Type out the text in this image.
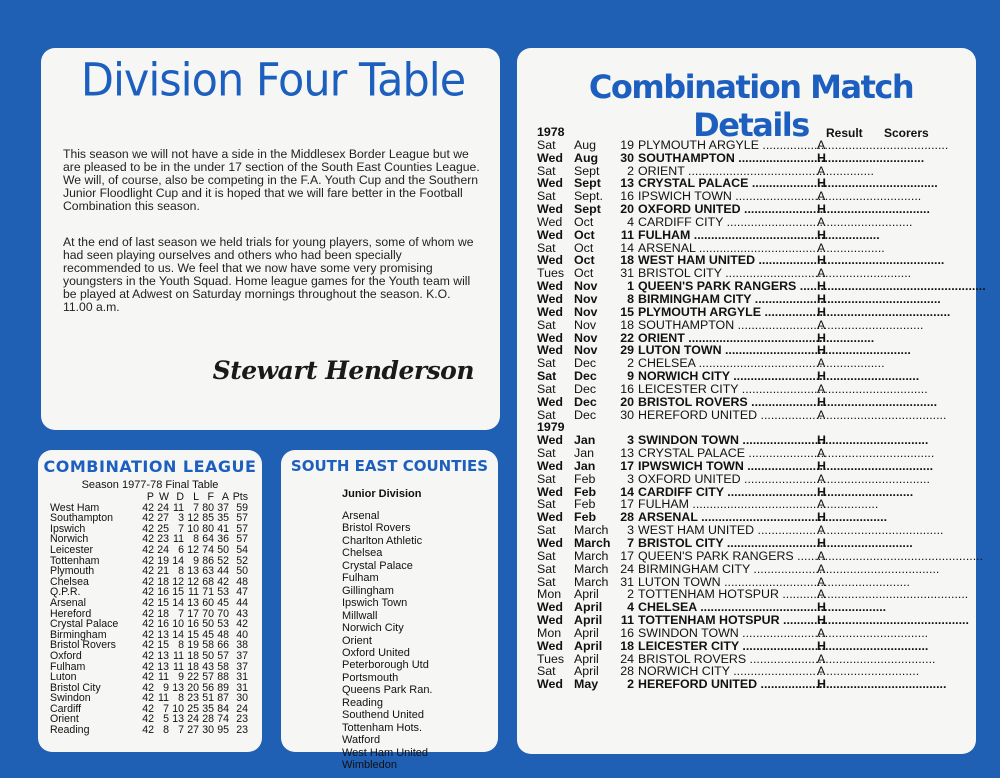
Division Four Table

This season we will not have a side in the Middlesex Border League but we are pleased to be in the under 17 section of the South East Counties League. We will, of course, also be competing in the F.A. Youth Cup and the Southern Junior Floodlight Cup and it is hoped that we will fare better in the Football Combination this season.

At the end of last season we held trials for young players, some of whom we had seen playing ourselves and others who had been specially recommended to us. We feel that we now have some very promising youngsters in the Youth Squad. Home league games for the Youth team will be played at Adwest on Saturday mornings throughout the season. K.O. 11.00 a.m.

Stewart Henderson
COMBINATION LEAGUE
Season 1977-78 Final Table
	P	W	D	L	F	A	Pts
West Ham	42	24	11	7	80	37	59
Southampton	42	27	3	12	85	35	57
Ipswich	42	25	7	10	80	41	57
Norwich	42	23	11	8	64	36	57
Leicester	42	24	6	12	74	50	54
Tottenham	42	19	14	9	86	52	52
Plymouth	42	21	8	13	63	44	50
Chelsea	42	18	12	12	68	42	48
Q.P.R.	42	16	15	11	71	53	47
Arsenal	42	15	14	13	60	45	44
Hereford	42	18	7	17	70	70	43
Crystal Palace	42	16	10	16	50	53	42
Birmingham	42	13	14	15	45	48	40
Bristol Rovers	42	15	8	19	58	66	38
Oxford	42	13	11	18	50	57	37
Fulham	42	13	11	18	43	58	37
Luton	42	11	9	22	57	88	31
Bristol City	42	9	13	20	56	89	31
Swindon	42	11	8	23	51	87	30
Cardiff	42	7	10	25	35	84	24
Orient	42	5	13	24	28	74	23
Reading	42	8	7	27	30	95	23
SOUTH EAST COUNTIES
Junior Division
Arsenal
Bristol Rovers
Charlton Athletic
Chelsea
Crystal Palace
Fulham
Gillingham
Ipswich Town
Millwall
Norwich City
Orient
Oxford United
Peterborough Utd
Portsmouth
Queens Park Ran.
Reading
Southend United
Tottenham Hots.
Watford
West Ham United
Wimbledon
Combination Match Details	Result Scorers
1978
Sat	Aug	19 PLYMOUTH ARGYLE .....	A
Wed Aug	30 SOUTHAMPTON .....	H
Sat	Sept	2 ORIENT .....	A
Wed Sept	13 CRYSTAL PALACE .....	H
Sat	Sept.	16 IPSWICH TOWN .....	A
Wed Sept	20 OXFORD UNITED .....	H
Wed Oct	4 CARDIFF CITY .....	A
Wed Oct	11 FULHAM .....	H
Sat	Oct	14 ARSENAL .....	A
Wed Oct	18 WEST HAM UNITED .....	H
Tues Oct	31 BRISTOL CITY .....	A
Wed Nov	1 QUEEN'S PARK RANGERS .....	H
Wed Nov	8 BIRMINGHAM CITY .....	H
Wed Nov	15 PLYMOUTH ARGYLE .....	H
Sat	Nov	18 SOUTHAMPTON .....	A
Wed Nov	22 ORIENT .....	H
Wed Nov	29 LUTON TOWN .....	H
Sat	Dec	2 CHELSEA .....	A
Sat	Dec	9 NORWICH CITY .....	H
Sat	Dec	16 LEICESTER CITY .....	A
Wed Dec	20 BRISTOL ROVERS .....	H
Sat	Dec	30 HEREFORD UNITED .....	A
1979
Wed Jan	3 SWINDON TOWN .....	H
Sat	Jan	13 CRYSTAL PALACE .....	A
Wed Jan	17 IPWSWICH TOWN .....	H
Sat	Feb	3 OXFORD UNITED .....	A
Wed Feb	14 CARDIFF CITY .....	H
Sat	Feb	17 FULHAM .....	A
Wed Feb	28 ARSENAL .....	H
Sat	March	3 WEST HAM UNITED .....	A
Wed March	7 BRISTOL CITY .....	H
Sat	March 17 QUEEN'S PARK RANGERS .....	A
Sat	March 24 BIRMINGHAM CITY .....	A
Sat	March 31 LUTON TOWN .....	A
Mon	April	2 TOTTENHAM HOTSPUR .....	A
Wed April	4 CHELSEA .....	H
Wed April	11 TOTTENHAM HOTSPUR .....	H
Mon	April	16 SWINDON TOWN .....	A
Wed April	18 LEICESTER CITY .....	H
Tues April	24 BRISTOL ROVERS .....	A
Sat	April	28 NORWICH CITY .....	A
Wed May	2 HEREFORD UNITED .....	H
